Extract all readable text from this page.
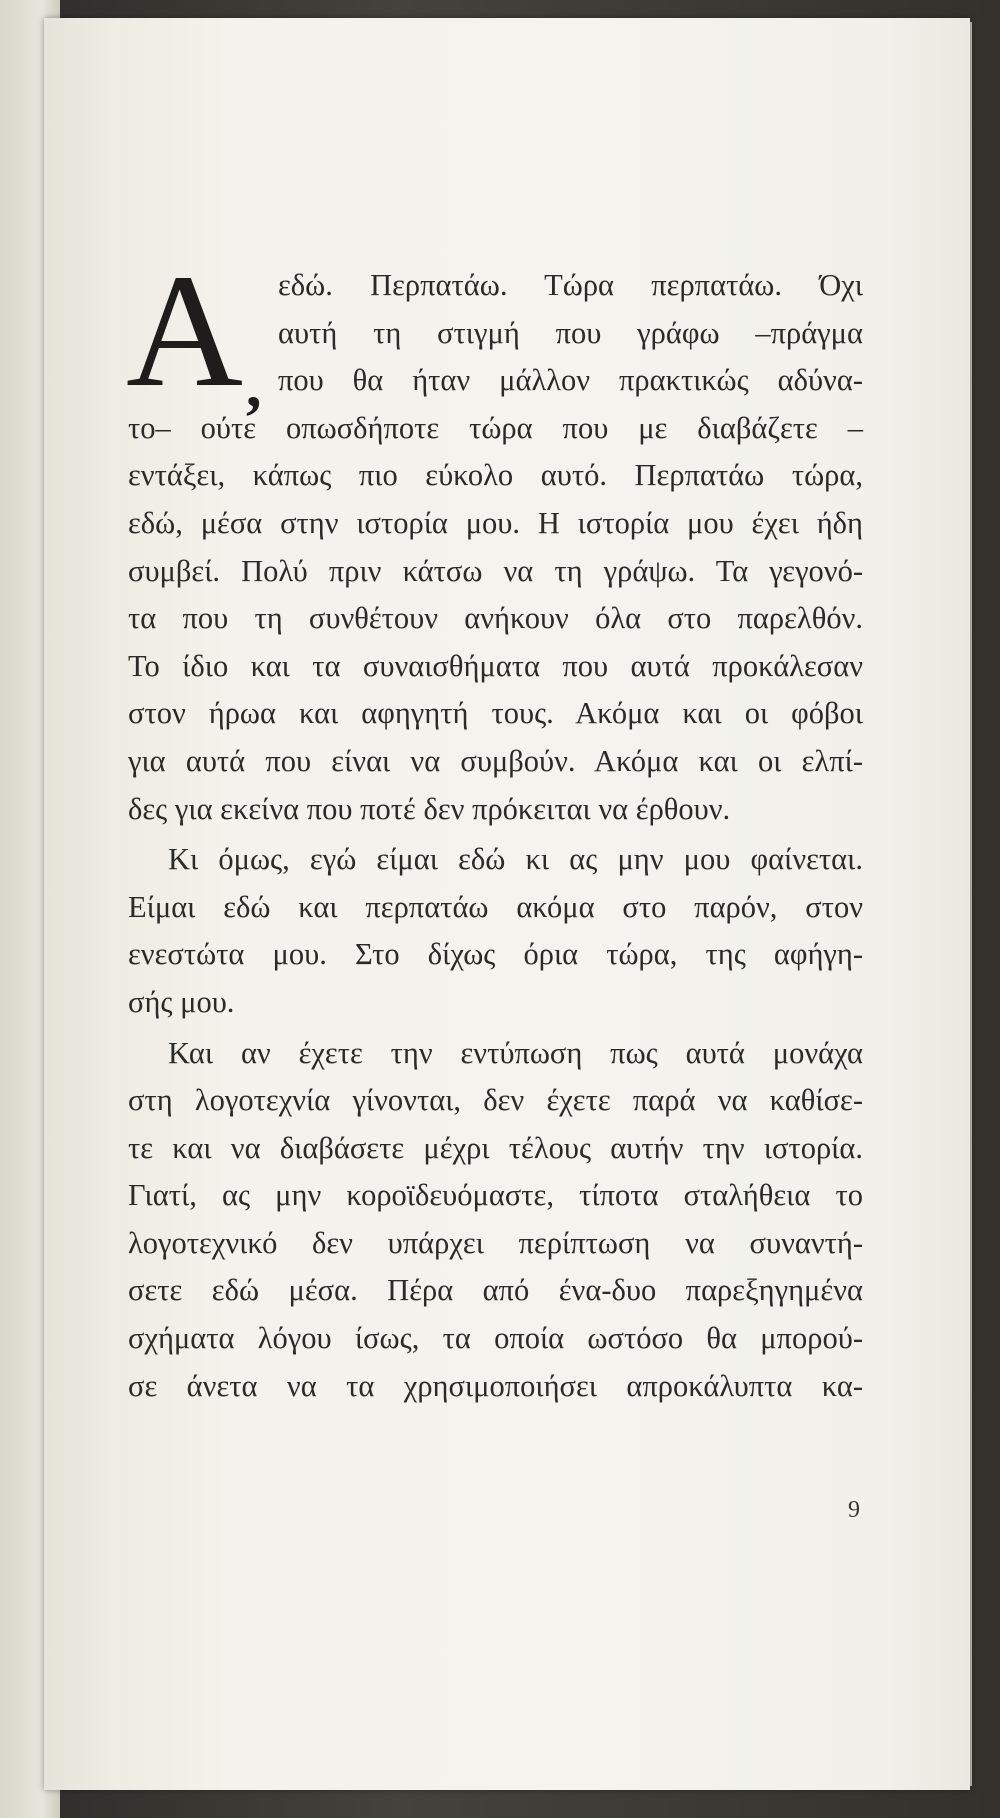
Α ,
εδώ. Περπατάω. Τώρα περπατάω. Όχι
αυτή τη στιγμή που γράφω –πράγμα
που θα ήταν μάλλον πρακτικώς αδύνα-
το– ούτε οπωσδήποτε τώρα που με διαβάζετε –
εντάξει, κάπως πιο εύκολο αυτό. Περπατάω τώρα,
εδώ, μέσα στην ιστορία μου. Η ιστορία μου έχει ήδη
συμβεί. Πολύ πριν κάτσω να τη γράψω. Τα γεγονό-
τα που τη συνθέτουν ανήκουν όλα στο παρελθόν.
Το ίδιο και τα συναισθήματα που αυτά προκάλεσαν
στον ήρωα και αφηγητή τους. Ακόμα και οι φόβοι
για αυτά που είναι να συμβούν. Ακόμα και οι ελπί-
δες για εκείνα που ποτέ δεν πρόκειται να έρθουν.
Κι όμως, εγώ είμαι εδώ κι ας μην μου φαίνεται.
Είμαι εδώ και περπατάω ακόμα στο παρόν, στον
ενεστώτα μου. Στο δίχως όρια τώρα, της αφήγη-
σής μου.
Και αν έχετε την εντύπωση πως αυτά μονάχα
στη λογοτεχνία γίνονται, δεν έχετε παρά να καθίσε-
τε και να διαβάσετε μέχρι τέλους αυτήν την ιστορία.
Γιατί, ας μην κοροϊδευόμαστε, τίποτα σταλήθεια το
λογοτεχνικό δεν υπάρχει περίπτωση να συναντή-
σετε εδώ μέσα. Πέρα από ένα-δυο παρεξηγημένα
σχήματα λόγου ίσως, τα οποία ωστόσο θα μπορού-
σε άνετα να τα χρησιμοποιήσει απροκάλυπτα κα-
9
